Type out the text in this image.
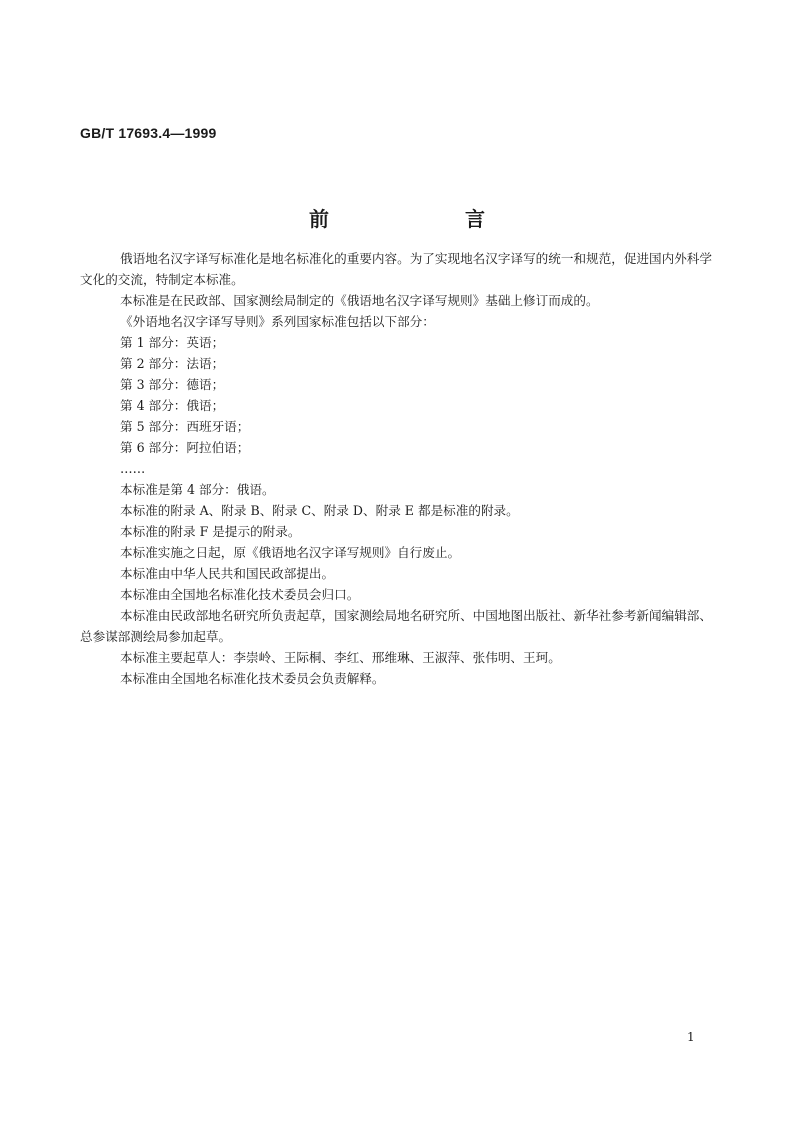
GB/T 17693.4—1999
前　　言

俄语地名汉字译写标准化是地名标准化的重要内容。为了实现地名汉字译写的统一和规范，促进国内外科学文化的交流，特制定本标准。

本标准是在民政部、国家测绘局制定的《俄语地名汉字译写规则》基础上修订而成的。

《外语地名汉字译写导则》系列国家标准包括以下部分：

第 1 部分：英语；

第 2 部分：法语；

第 3 部分：德语；

第 4 部分：俄语；

第 5 部分：西班牙语；

第 6 部分：阿拉伯语；

……

本标准是第 4 部分：俄语。

本标准的附录 A、附录 B、附录 C、附录 D、附录 E 都是标准的附录。

本标准的附录 F 是提示的附录。

本标准实施之日起，原《俄语地名汉字译写规则》自行废止。

本标准由中华人民共和国民政部提出。

本标准由全国地名标准化技术委员会归口。

本标准由民政部地名研究所负责起草，国家测绘局地名研究所、中国地图出版社、新华社参考新闻编辑部、总参谋部测绘局参加起草。

本标准主要起草人：李崇岭、王际桐、李红、邢维琳、王淑萍、张伟明、王珂。

本标准由全国地名标准化技术委员会负责解释。

1
